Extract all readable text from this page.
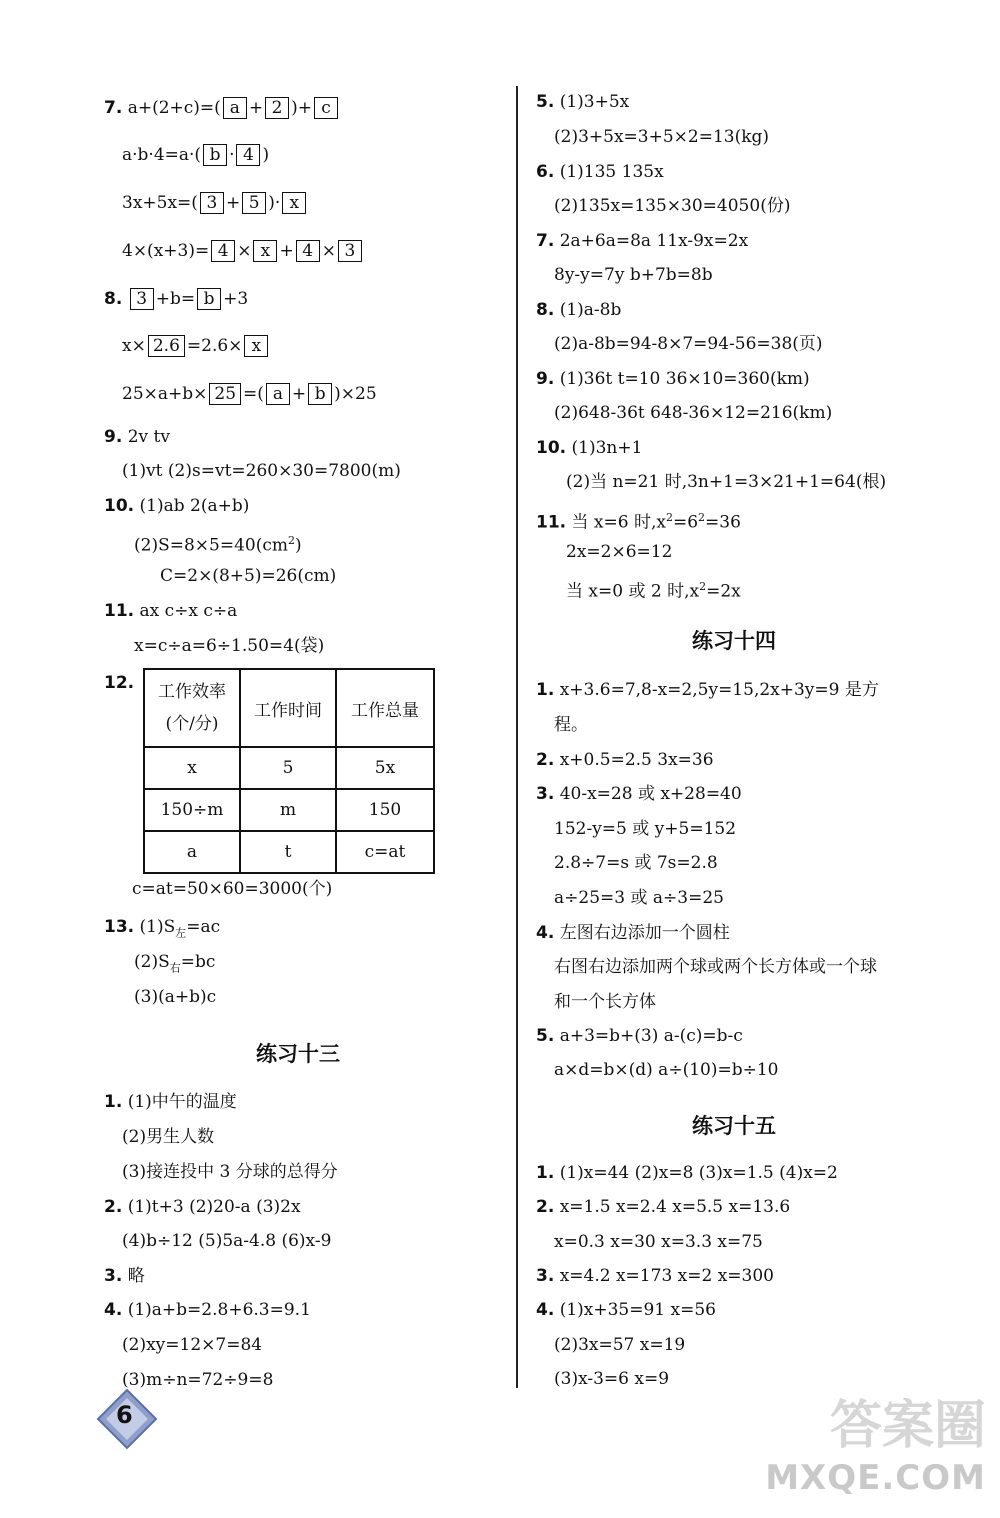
7. a+(2+c)=( a + 2 )+ c
a·b·4=a·( b · 4 )
3x+5x=( 3 + 5 )· x
4×(x+3)= 4 × x + 4 × 3
8. 3 +b= b +3
x× 2.6 =2.6× x
25×a+b× 25 =( a + b )×25
9. 2v tv
(1)vt (2)s=vt=260×30=7800(m)
10. (1)ab 2(a+b)
$(2)S=8\times 5=40(cm^2)$
C=2×(8+5)=26(cm)
11. ax c÷x c÷a
x=c÷a=6÷1.50=4(袋)
12. 工作效率
(个/分)	工作时间	工作总量
x	5	5x
150÷m	m	150
a	t	c=at
c=at=50×60=3000(个)
13. $(1)S_左=ac$
$(2)S_右=bc$
(3)(a+b)c
练习十三
1. (1)中午的温度
(2)男生人数
(3)接连投中 3 分球的总得分
2. (1)t+3 (2)20-a (3)2x
(4)b÷12 (5)5a-4.8 (6)x-9
3. 略
4. (1)a+b=2.8+6.3=9.1
(2)xy=12×7=84
(3)m÷n=72÷9=8
5. (1)3+5x
(2)3+5x=3+5×2=13(kg)
6. (1)135 135x
(2)135x=135×30=4050(份)
7. 2a+6a=8a 11x-9x=2x
8y-y=7y b+7b=8b
8. (1)a-8b
(2)a-8b=94-8×7=94-56=38(页)
9. (1)36t t=10 36×10=360(km)
(2)648-36t 648-36×12=216(km)
10. (1)3n+1
(2)当 n=21 时,3n+1=3×21+1=64(根)
11. 当 x=6 时$,x^2=6^2=36$
2x=2×6=12
当 x=0 或 2 时$,x^2=2x$
练习十四
1. x+3.6=7,8-x=2,5y=15,2x+3y=9 是方
程。
2. x+0.5=2.5 3x=36
3. 40-x=28 或 x+28=40
152-y=5 或 y+5=152
2.8÷7=s 或 7s=2.8
a÷25=3 或 a÷3=25
4. 左图右边添加一个圆柱
右图右边添加两个球或两个长方体或一个球
和一个长方体
5. a+3=b+(3) a-(c)=b-c
a×d=b×(d) a÷(10)=b÷10
练习十五
1. (1)x=44 (2)x=8 (3)x=1.5 (4)x=2
2. x=1.5 x=2.4 x=5.5 x=13.6
x=0.3 x=30 x=3.3 x=75
3. x=4.2 x=173 x=2 x=300
4. (1)x+35=91 x=56
(2)3x=57 x=19
(3)x-3=6 x=9
6	答案圈
MXQE.COM
